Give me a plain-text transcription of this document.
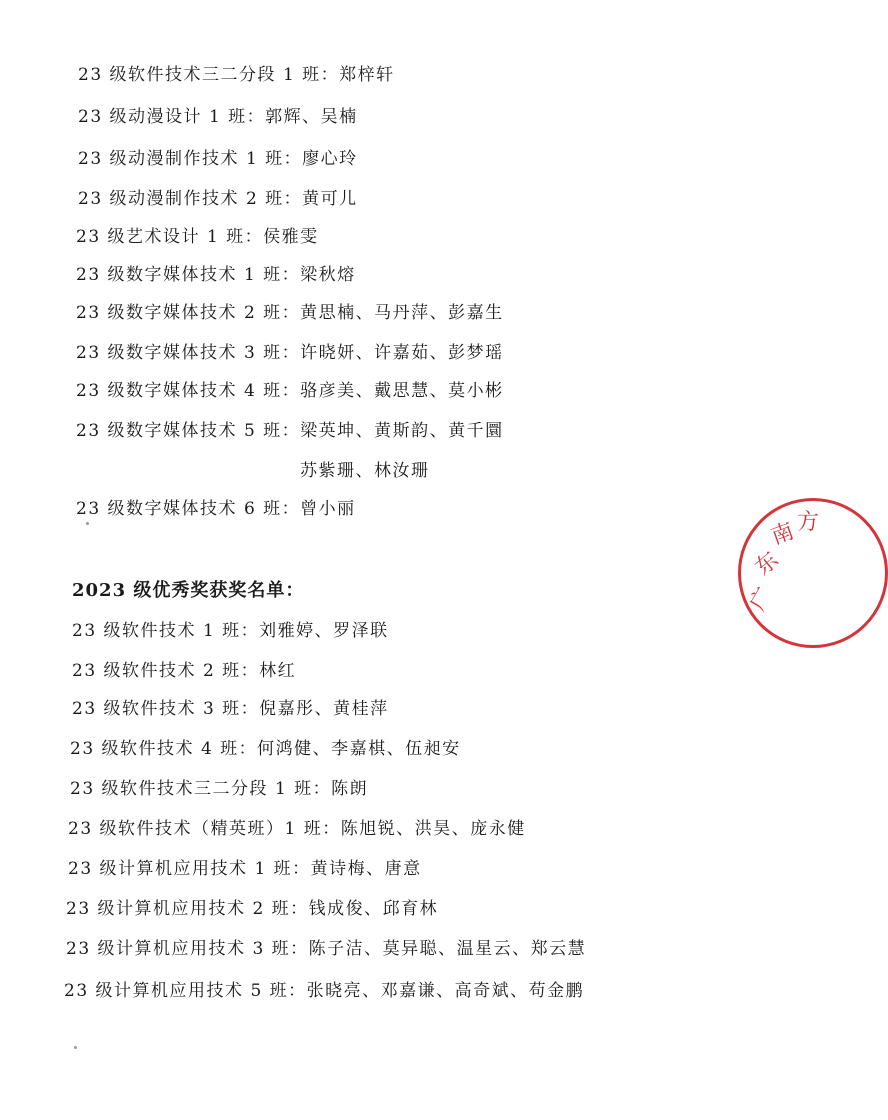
23 级软件技术三二分段 1 班：郑梓轩
23 级动漫设计 1 班：郭辉、吴楠
23 级动漫制作技术 1 班：廖心玲
23 级动漫制作技术 2 班：黄可儿
23 级艺术设计 1 班：侯雅雯
23 级数字媒体技术 1 班：梁秋熔
23 级数字媒体技术 2 班：黄思楠、马丹萍、彭嘉生
23 级数字媒体技术 3 班：许晓妍、许嘉茹、彭梦瑶
23 级数字媒体技术 4 班：骆彦美、戴思慧、莫小彬
23 级数字媒体技术 5 班：梁英坤、黄斯韵、黄千圜
苏紫珊、林汝珊
23 级数字媒体技术 6 班：曾小丽
2023 级优秀奖获奖名单：
23 级软件技术 1 班：刘雅婷、罗泽联
23 级软件技术 2 班：林红
23 级软件技术 3 班：倪嘉彤、黄桂萍
23 级软件技术 4 班：何鸿健、李嘉棋、伍昶安
23 级软件技术三二分段 1 班：陈朗
23 级软件技术（精英班）1 班：陈旭锐、洪昊、庞永健
23 级计算机应用技术 1 班：黄诗梅、唐意
23 级计算机应用技术 2 班：钱成俊、邱育林
23 级计算机应用技术 3 班：陈子洁、莫异聪、温星云、郑云慧
23 级计算机应用技术 5 班：张晓亮、邓嘉谦、高奇斌、苟金鹏
广
东
南 方
